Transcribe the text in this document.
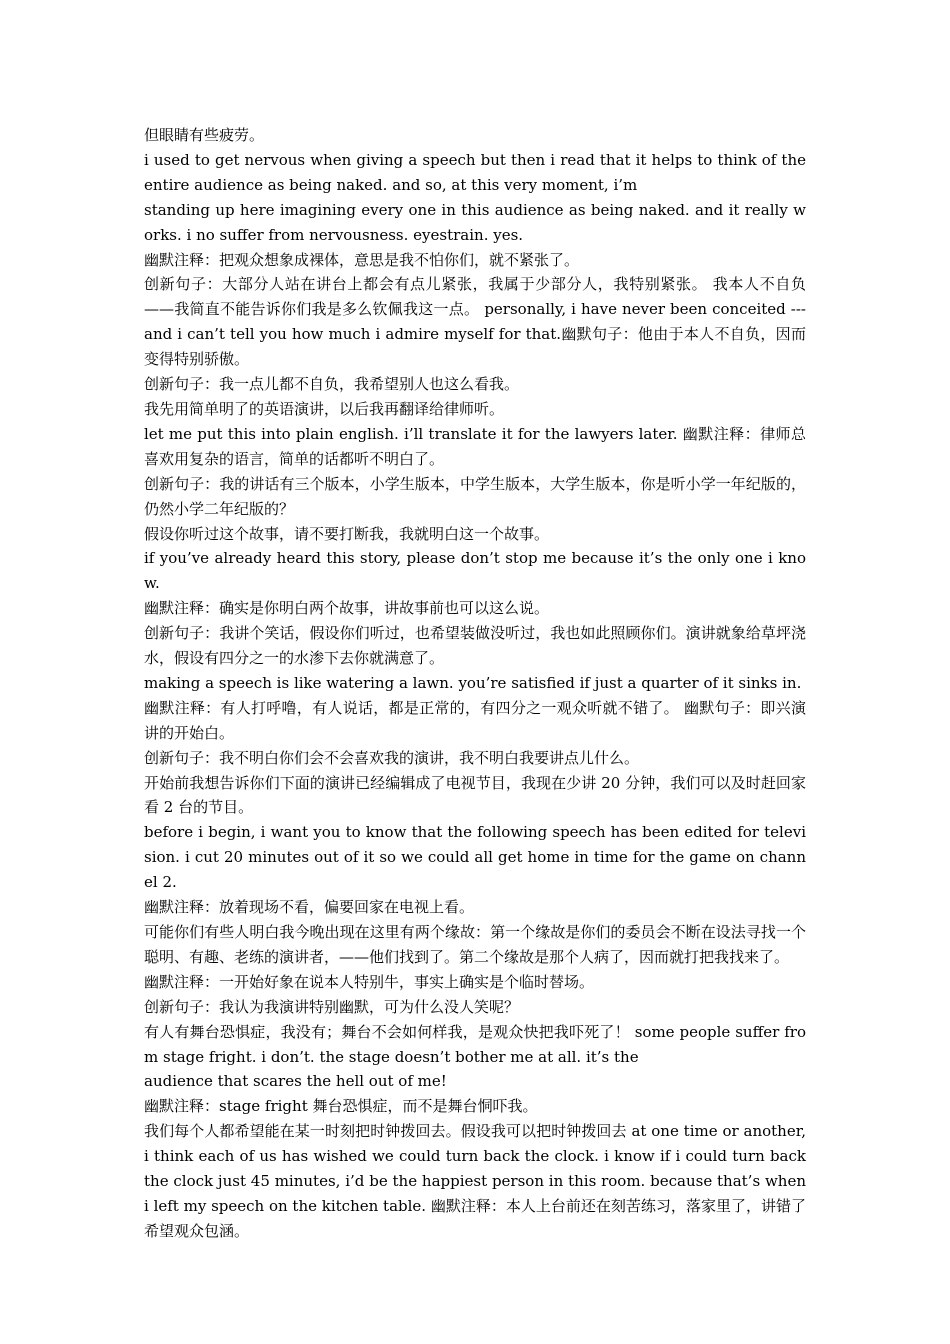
但眼睛有些疲劳。

i used to get nervous when giving a speech but then i read that it helps to think of the entire audience as being naked. and so, at this very moment, i’m

standing up here imagining every one in this audience as being naked. and it really works. i no suffer from nervousness. eyestrain. yes.

幽默注释：把观众想象成裸体，意思是我不怕你们，就不紧张了。

创新句子：大部分人站在讲台上都会有点儿紧张，我属于少部分人，我特别紧张。 我本人不自负——我简直不能告诉你们我是多么钦佩我这一点。 personally, i have never been conceited --- and i can’t tell you how much i admire myself for that.幽默句子：他由于本人不自负，因而变得特别骄傲。

创新句子：我一点儿都不自负，我希望别人也这么看我。

我先用简单明了的英语演讲，以后我再翻译给律师听。

let me put this into plain english. i’ll translate it for the lawyers later. 幽默注释：律师总喜欢用复杂的语言，简单的话都听不明白了。

创新句子：我的讲话有三个版本，小学生版本，中学生版本，大学生版本，你是听小学一年纪版的，仍然小学二年纪版的？

假设你听过这个故事，请不要打断我，我就明白这一个故事。

if you’ve already heard this story, please don’t stop me because it’s the only one i know.

幽默注释：确实是你明白两个故事，讲故事前也可以这么说。

创新句子：我讲个笑话，假设你们听过，也希望装做没听过，我也如此照顾你们。演讲就象给草坪浇水，假设有四分之一的水渗下去你就满意了。

making a speech is like watering a lawn. you’re satisfied if just a quarter of it sinks in.

幽默注释：有人打呼噜，有人说话，都是正常的，有四分之一观众听就不错了。 幽默句子：即兴演讲的开始白。

创新句子：我不明白你们会不会喜欢我的演讲，我不明白我要讲点儿什么。

开始前我想告诉你们下面的演讲已经编辑成了电视节目，我现在少讲 20 分钟，我们可以及时赶回家看 2 台的节目。

before i begin, i want you to know that the following speech has been edited for television. i cut 20 minutes out of it so we could all get home in time for the game on channel 2.

幽默注释：放着现场不看，偏要回家在电视上看。

可能你们有些人明白我今晚出现在这里有两个缘故：第一个缘故是你们的委员会不断在设法寻找一个聪明、有趣、老练的演讲者，——他们找到了。第二个缘故是那个人病了，因而就打把我找来了。

幽默注释：一开始好象在说本人特别牛，事实上确实是个临时替场。

创新句子：我认为我演讲特别幽默，可为什么没人笑呢？

有人有舞台恐惧症，我没有；舞台不会如何样我，是观众快把我吓死了！ some people suffer from stage fright. i don’t. the stage doesn’t bother me at all. it’s the

audience that scares the hell out of me!

幽默注释：stage fright 舞台恐惧症，而不是舞台恫吓我。

我们每个人都希望能在某一时刻把时钟拨回去。假设我可以把时钟拨回去 at one time or another, i think each of us has wished we could turn back the clock. i know if i could turn back the clock just 45 minutes, i’d be the happiest person in this room. because that’s when i left my speech on the kitchen table. 幽默注释：本人上台前还在刻苦练习，落家里了，讲错了希望观众包涵。
